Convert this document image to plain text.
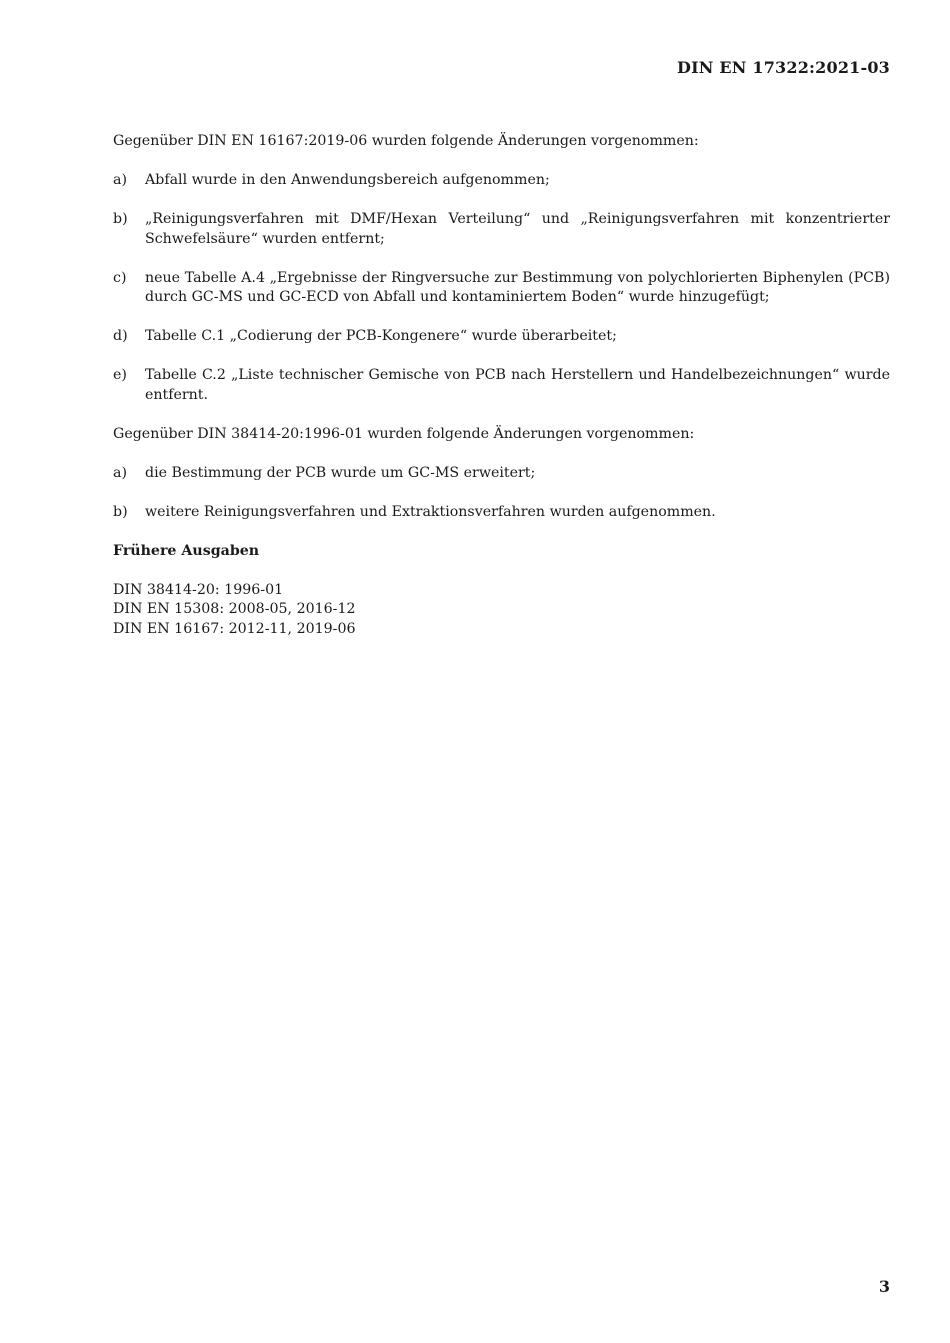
DIN EN 17322:2021-03

Gegenüber DIN EN 16167:2019-06 wurden folgende Änderungen vorgenommen:

a)	Abfall wurde in den Anwendungsbereich aufgenommen;
b)	„Reinigungsverfahren mit DMF/Hexan Verteilung“ und „Reinigungsverfahren mit konzentrierter Schwefelsäure“ wurden entfernt;
c)	neue Tabelle A.4 „Ergebnisse der Ringversuche zur Bestimmung von polychlorierten Biphenylen (PCB) durch GC-MS und GC-ECD von Abfall und kontaminiertem Boden“ wurde hinzugefügt;
d)	Tabelle C.1 „Codierung der PCB-Kongenere“ wurde überarbeitet;
e)	Tabelle C.2 „Liste technischer Gemische von PCB nach Herstellern und Handelbezeichnungen“ wurde entfernt.

Gegenüber DIN 38414-20:1996-01 wurden folgende Änderungen vorgenommen:

a)	die Bestimmung der PCB wurde um GC-MS erweitert;
b)	weitere Reinigungsverfahren und Extraktionsverfahren wurden aufgenommen.

Frühere Ausgaben

DIN 38414-20: 1996-01
DIN EN 15308: 2008-05, 2016-12
DIN EN 16167: 2012-11, 2019-06

3
